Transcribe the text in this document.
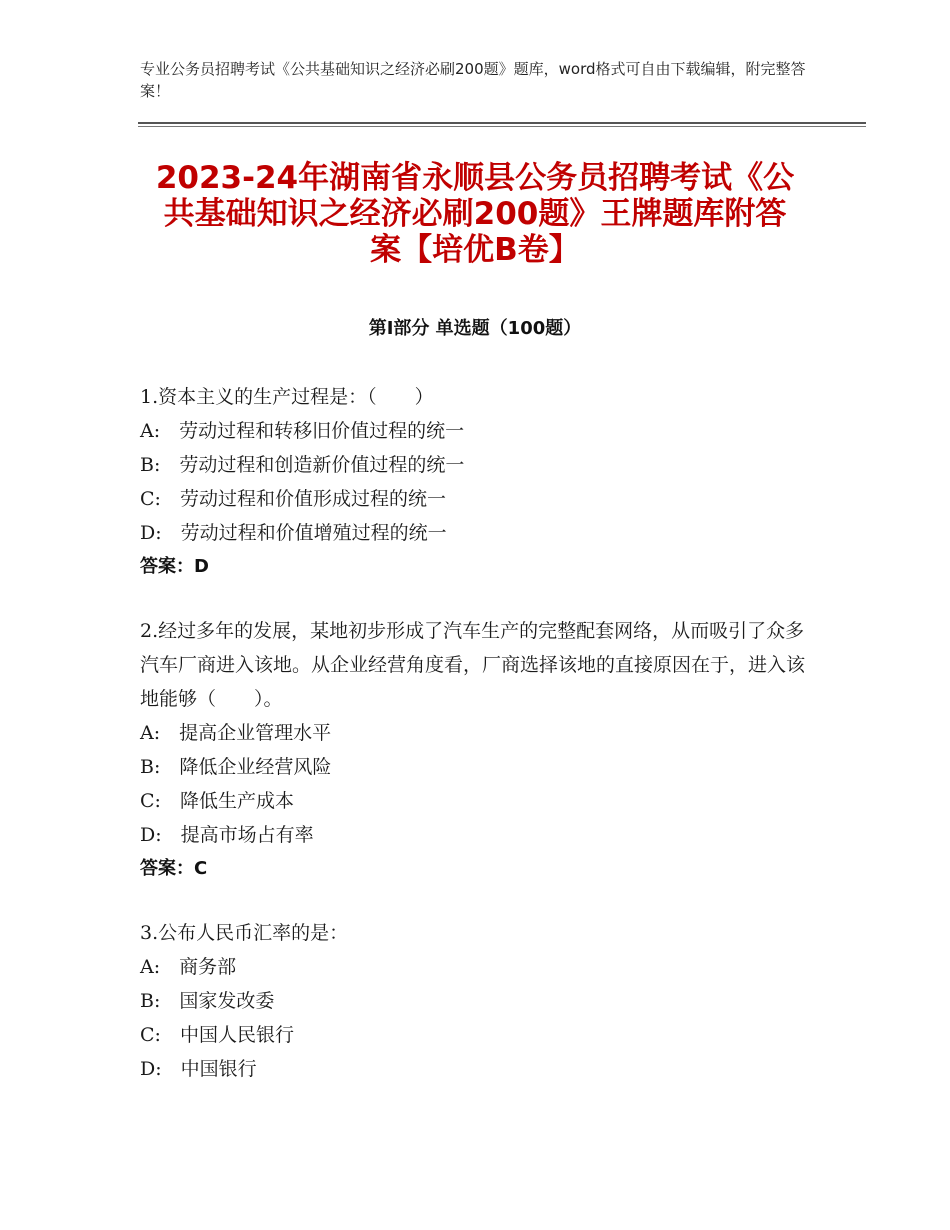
专业公务员招聘考试《公共基础知识之经济必刷200题》题库，word格式可自由下载编辑，附完整答案！
2023-24年湖南省永顺县公务员招聘考试《公共基础知识之经济必刷200题》王牌题库附答案【培优B卷】
第Ⅰ部分 单选题（100题）
1.资本主义的生产过程是：（　　）
A:　劳动过程和转移旧价值过程的统一
B:　劳动过程和创造新价值过程的统一
C:　劳动过程和价值形成过程的统一
D:　劳动过程和价值增殖过程的统一
答案：D
2.经过多年的发展，某地初步形成了汽车生产的完整配套网络，从而吸引了众多汽车厂商进入该地。从企业经营角度看，厂商选择该地的直接原因在于，进入该地能够（　　）。
A:　提高企业管理水平
B:　降低企业经营风险
C:　降低生产成本
D:　提高市场占有率
答案：C
3.公布人民币汇率的是：
A:　商务部
B:　国家发改委
C:　中国人民银行
D:　中国银行
